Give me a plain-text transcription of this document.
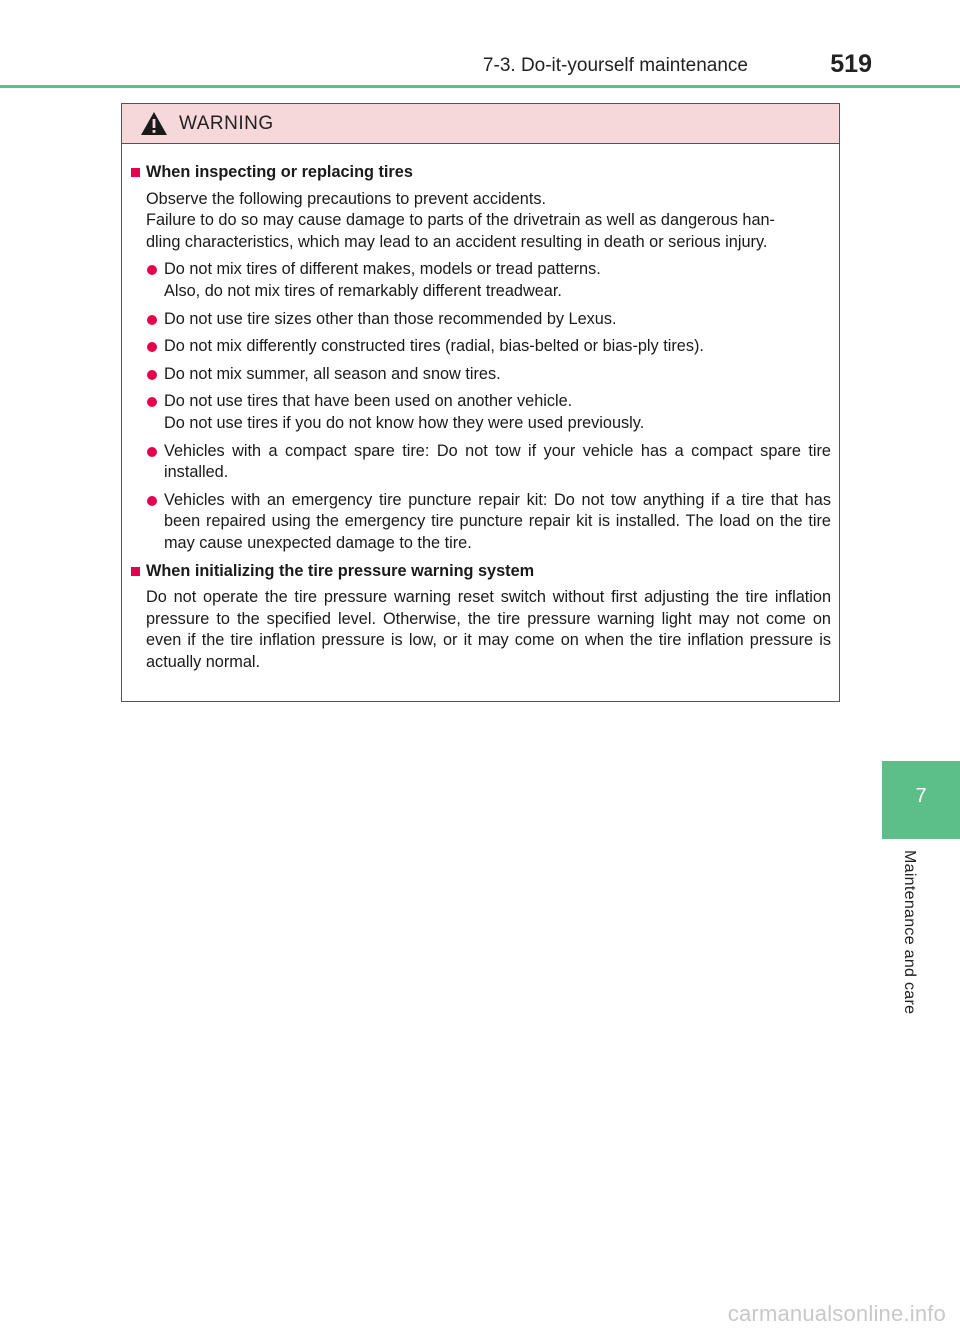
7-3. Do-it-yourself maintenance	519
WARNING
When inspecting or replacing tires
Observe the following precautions to prevent accidents.
Failure to do so may cause damage to parts of the drivetrain as well as dangerous han-
dling characteristics, which may lead to an accident resulting in death or serious injury.
Do not mix tires of different makes, models or tread patterns.
Also, do not mix tires of remarkably different treadwear.
Do not use tire sizes other than those recommended by Lexus.
Do not mix differently constructed tires (radial, bias-belted or bias-ply tires).
Do not mix summer, all season and snow tires.
Do not use tires that have been used on another vehicle.
Do not use tires if you do not know how they were used previously.
Vehicles with a compact spare tire: Do not tow if your vehicle has a compact spare tire installed.
Vehicles with an emergency tire puncture repair kit: Do not tow anything if a tire that has been repaired using the emergency tire puncture repair kit is installed. The load on the tire may cause unexpected damage to the tire.
When initializing the tire pressure warning system
Do not operate the tire pressure warning reset switch without first adjusting the tire inflation pressure to the specified level. Otherwise, the tire pressure warning light may not come on even if the tire inflation pressure is low, or it may come on when the tire inflation pressure is actually normal.
7
Maintenance and care
carmanualsonline.info
